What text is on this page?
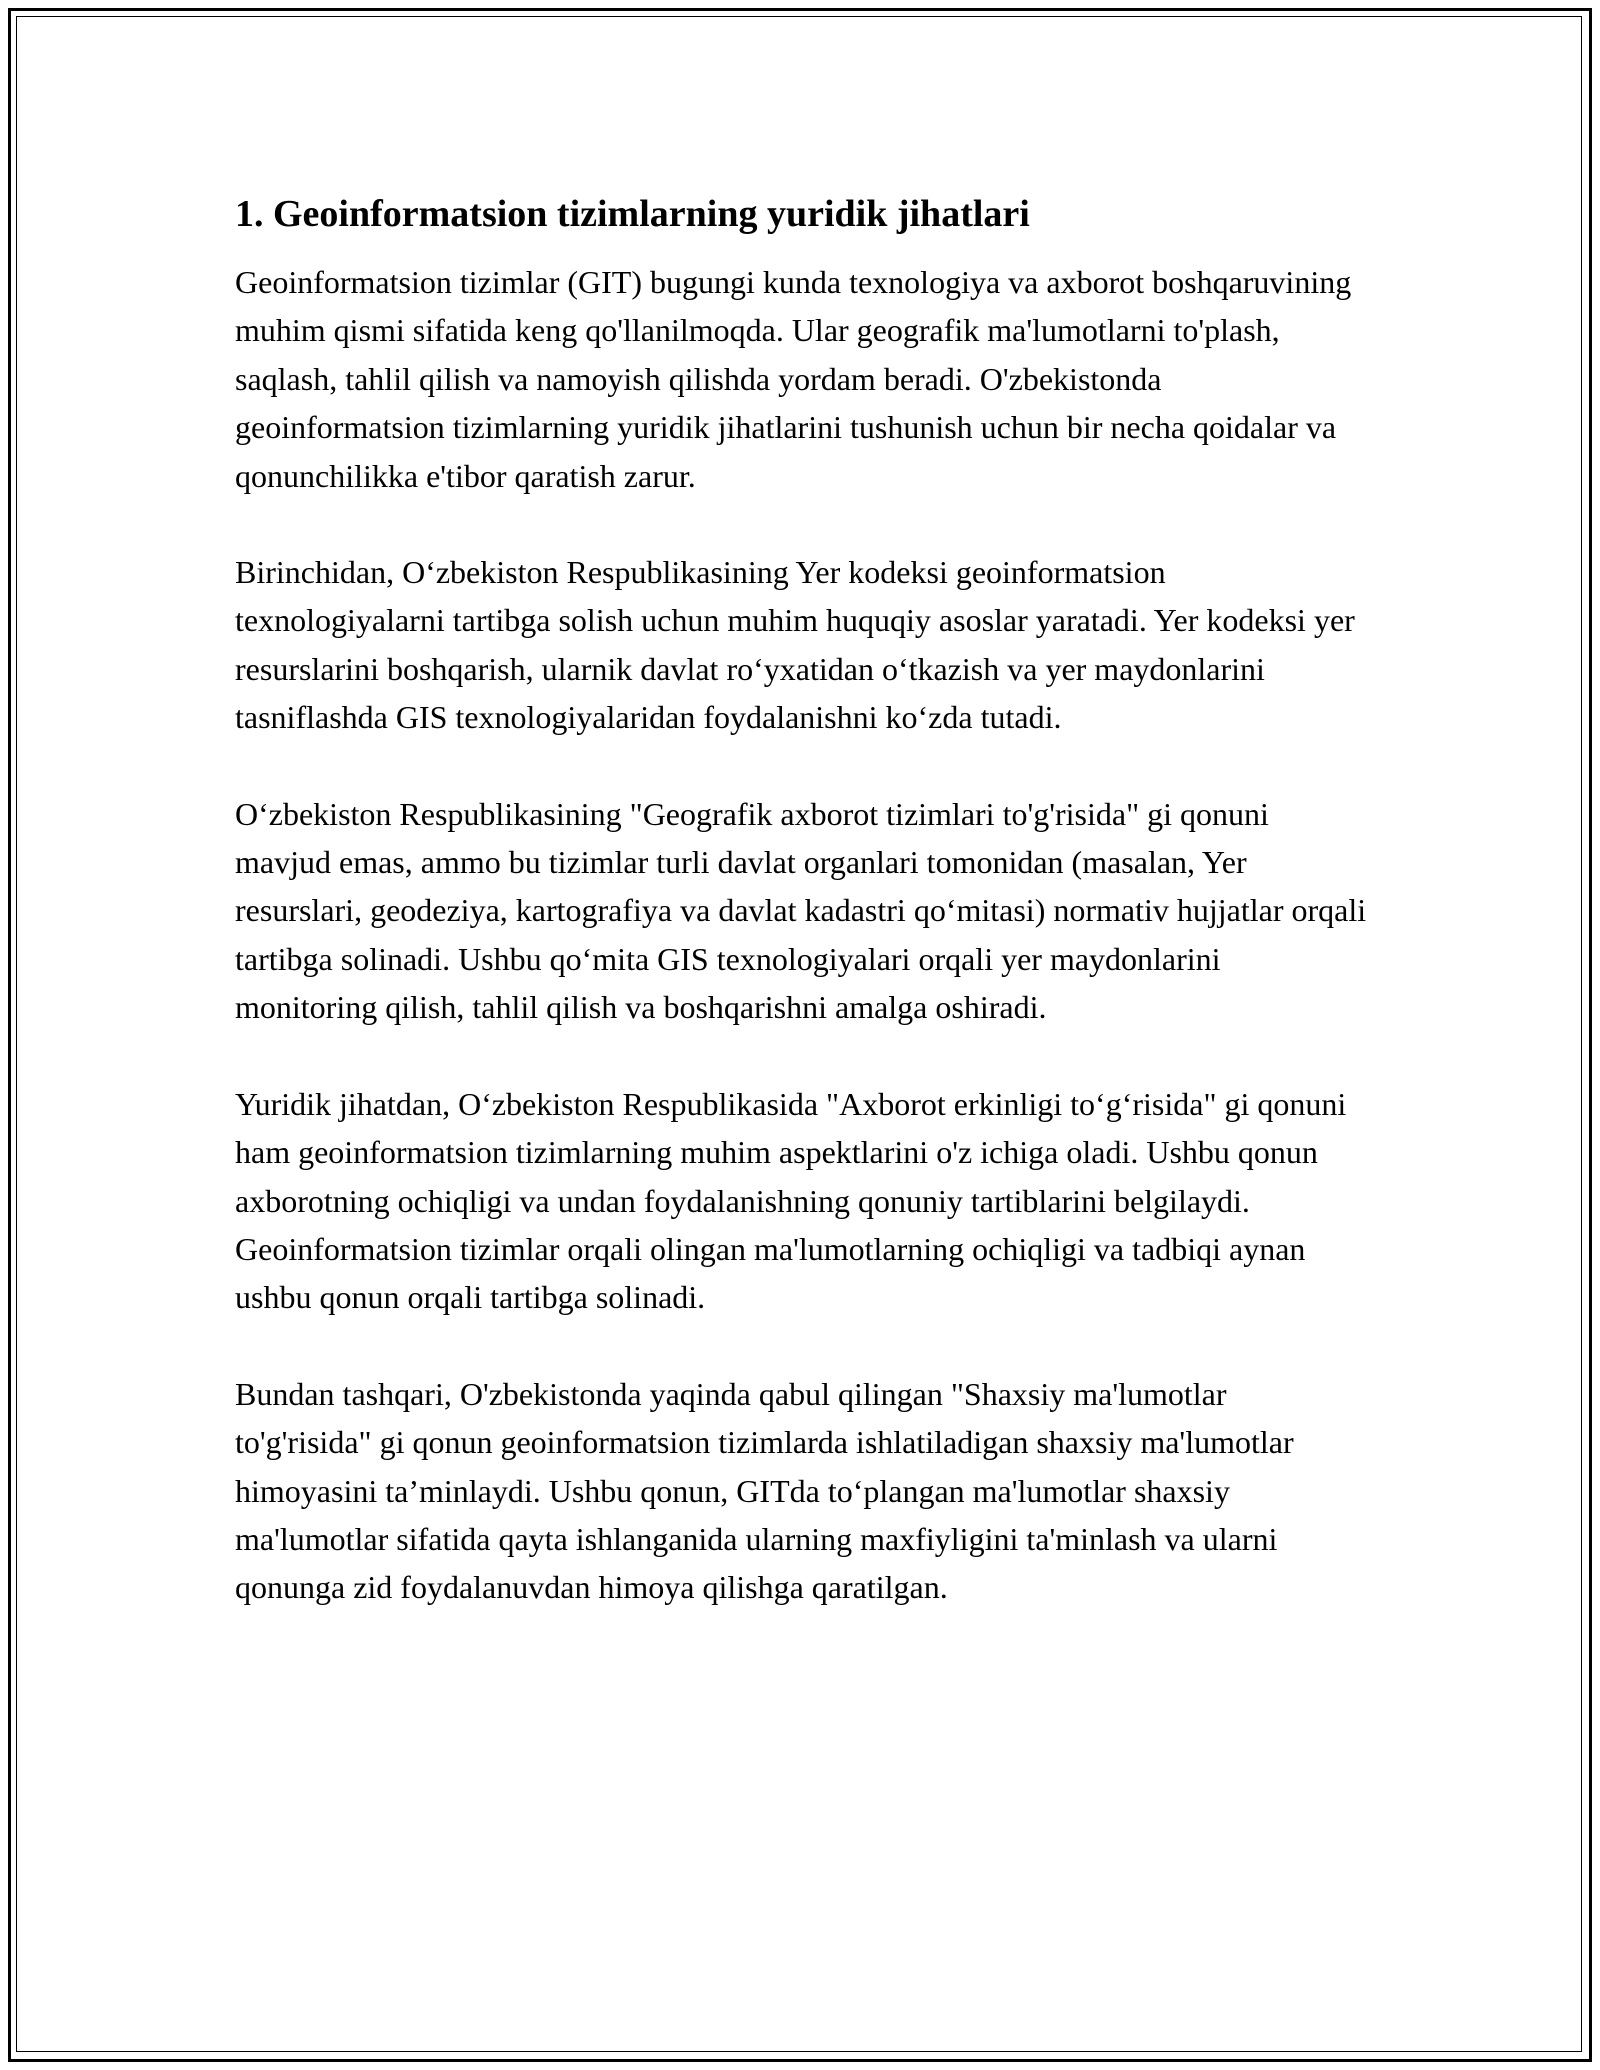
1. Geoinformatsion tizimlarning yuridik jihatlari

Geoinformatsion tizimlar (GIT) bugungi kunda texnologiya va axborot boshqaruvining muhim qismi sifatida keng qo'llanilmoqda. Ular geografik ma'lumotlarni to'plash, saqlash, tahlil qilish va namoyish qilishda yordam beradi. O'zbekistonda geoinformatsion tizimlarning yuridik jihatlarini tushunish uchun bir necha qoidalar va qonunchilikka e'tibor qaratish zarur.

Birinchidan, O‘zbekiston Respublikasining Yer kodeksi geoinformatsion texnologiyalarni tartibga solish uchun muhim huquqiy asoslar yaratadi. Yer kodeksi yer resurslarini boshqarish, ularnik davlat ro‘yxatidan o‘tkazish va yer maydonlarini tasniflashda GIS texnologiyalaridan foydalanishni ko‘zda tutadi.

O‘zbekiston Respublikasining "Geografik axborot tizimlari to'g'risida" gi qonuni mavjud emas, ammo bu tizimlar turli davlat organlari tomonidan (masalan, Yer resurslari, geodeziya, kartografiya va davlat kadastri qo‘mitasi) normativ hujjatlar orqali tartibga solinadi. Ushbu qo‘mita GIS texnologiyalari orqali yer maydonlarini monitoring qilish, tahlil qilish va boshqarishni amalga oshiradi.

Yuridik jihatdan, O‘zbekiston Respublikasida "Axborot erkinligi to‘g‘risida" gi qonuni ham geoinformatsion tizimlarning muhim aspektlarini o'z ichiga oladi. Ushbu qonun axborotning ochiqligi va undan foydalanishning qonuniy tartiblarini belgilaydi. Geoinformatsion tizimlar orqali olingan ma'lumotlarning ochiqligi va tadbiqi aynan ushbu qonun orqali tartibga solinadi.

Bundan tashqari, O'zbekistonda yaqinda qabul qilingan "Shaxsiy ma'lumotlar to'g'risida" gi qonun geoinformatsion tizimlarda ishlatiladigan shaxsiy ma'lumotlar himoyasini ta’minlaydi. Ushbu qonun, GITda to‘plangan ma'lumotlar shaxsiy ma'lumotlar sifatida qayta ishlanganida ularning maxfiyligini ta'minlash va ularni qonunga zid foydalanuvdan himoya qilishga qaratilgan.
